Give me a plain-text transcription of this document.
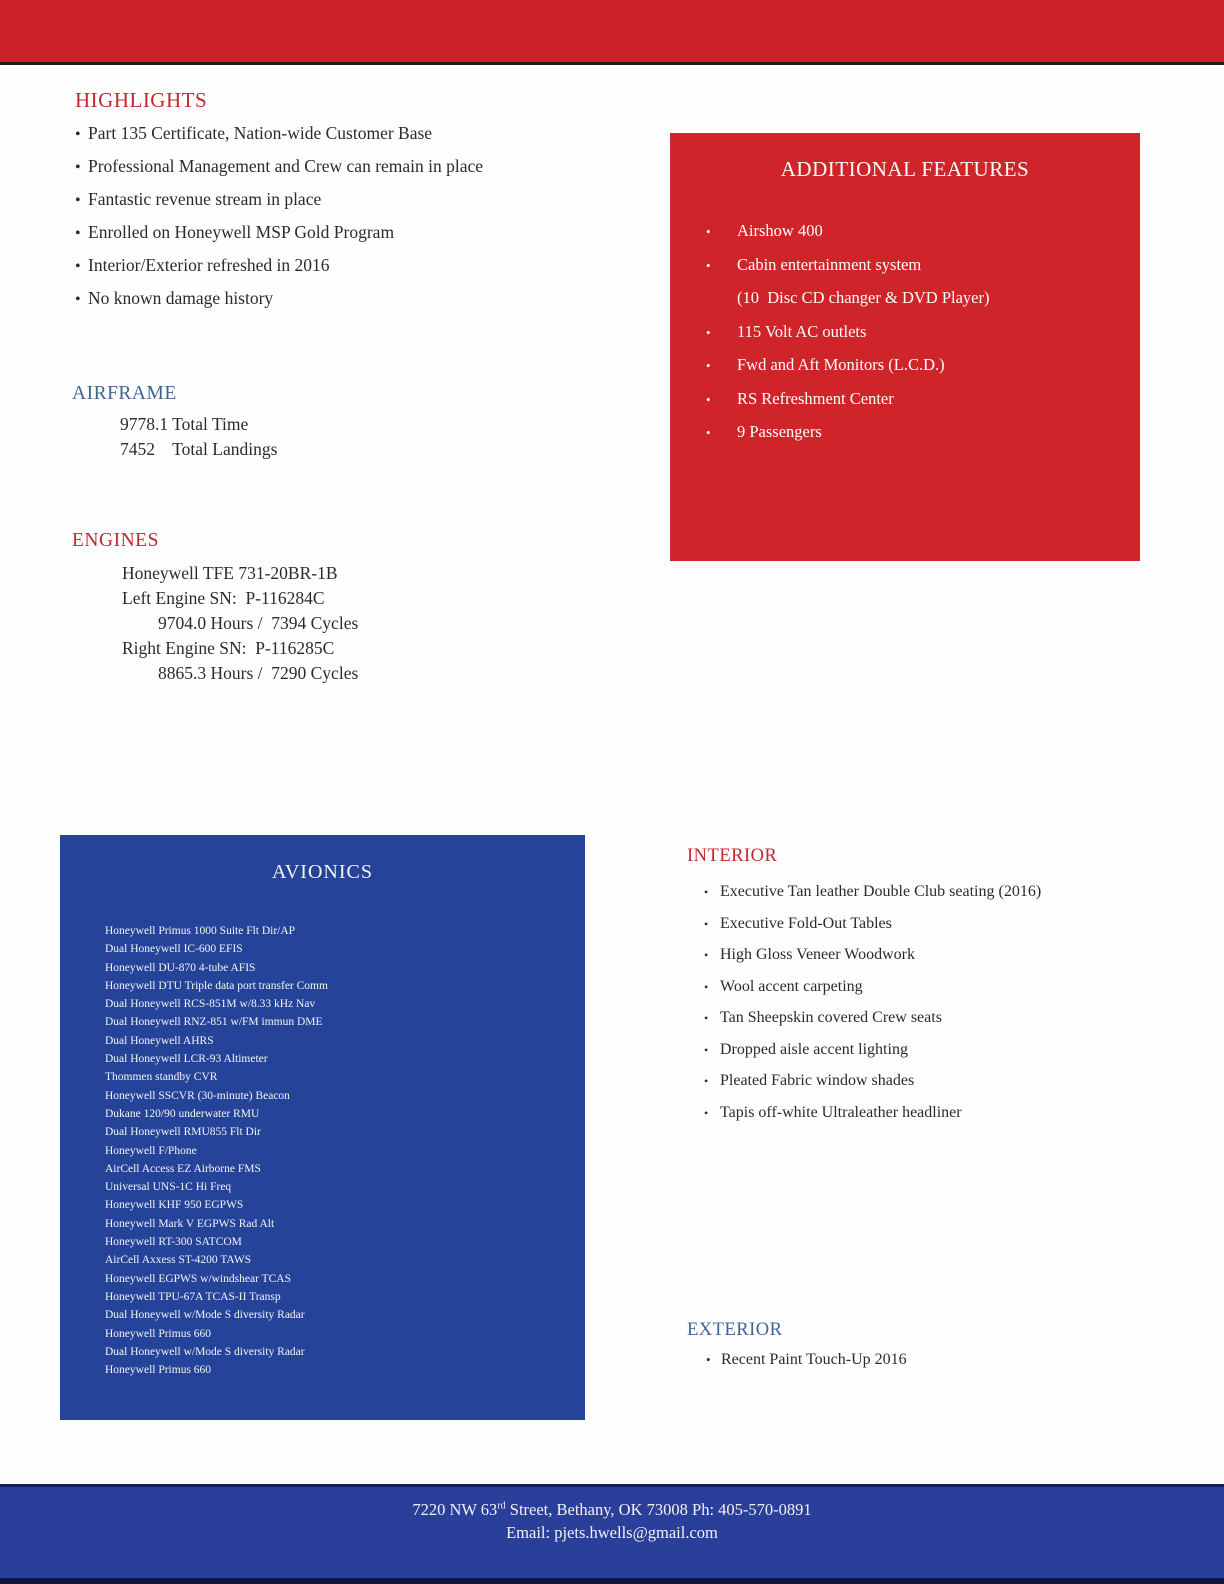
HIGHLIGHTS
• Part 135 Certificate, Nation-wide Customer Base
• Professional Management and Crew can remain in place
• Fantastic revenue stream in place
• Enrolled on Honeywell MSP Gold Program
• Interior/Exterior refreshed in 2016
• No known damage history
ADDITIONAL FEATURES
•	Airshow 400
•	Cabin entertainment system
(10  Disc CD changer & DVD Player)
•	115 Volt AC outlets
•	Fwd and Aft Monitors (L.C.D.)
•	RS Refreshment Center
•	9 Passengers
AIRFRAME
9778.1 Total Time
7452    Total Landings
ENGINES
Honeywell TFE 731-20BR-1B
Left Engine SN:  P-116284C
9704.0 Hours /  7394 Cycles
Right Engine SN:  P-116285C
8865.3 Hours /  7290 Cycles
AVIONICS
Honeywell Primus 1000 Suite Flt Dir/AP
Dual Honeywell IC-600 EFIS
Honeywell DU-870 4-tube AFIS
Honeywell DTU Triple data port transfer Comm
Dual Honeywell RCS-851M w/8.33 kHz Nav
Dual Honeywell RNZ-851 w/FM immun DME
Dual Honeywell AHRS
Dual Honeywell LCR-93 Altimeter
Thommen standby CVR
Honeywell SSCVR (30-minute) Beacon
Dukane 120/90 underwater RMU
Dual Honeywell RMU855 Flt Dir
Honeywell F/Phone
AirCell Access EZ Airborne FMS
Universal UNS-1C Hi Freq
Honeywell KHF 950 EGPWS
Honeywell Mark V EGPWS Rad Alt
Honeywell RT-300 SATCOM
AirCell Axxess ST-4200 TAWS
Honeywell EGPWS w/windshear TCAS
Honeywell TPU-67A TCAS-II Transp
Dual Honeywell w/Mode S diversity Radar
Honeywell Primus 660
Dual Honeywell w/Mode S diversity Radar
Honeywell Primus 660
INTERIOR
• Executive Tan leather Double Club seating (2016)
• Executive Fold-Out Tables
• High Gloss Veneer Woodwork
• Wool accent carpeting
• Tan Sheepskin covered Crew seats
• Dropped aisle accent lighting
• Pleated Fabric window shades
• Tapis off-white Ultraleather headliner
EXTERIOR
• Recent Paint Touch-Up 2016
7220 NW 63rd Street, Bethany, OK 73008 Ph: 405-570-0891
Email: pjets.hwells@gmail.com
